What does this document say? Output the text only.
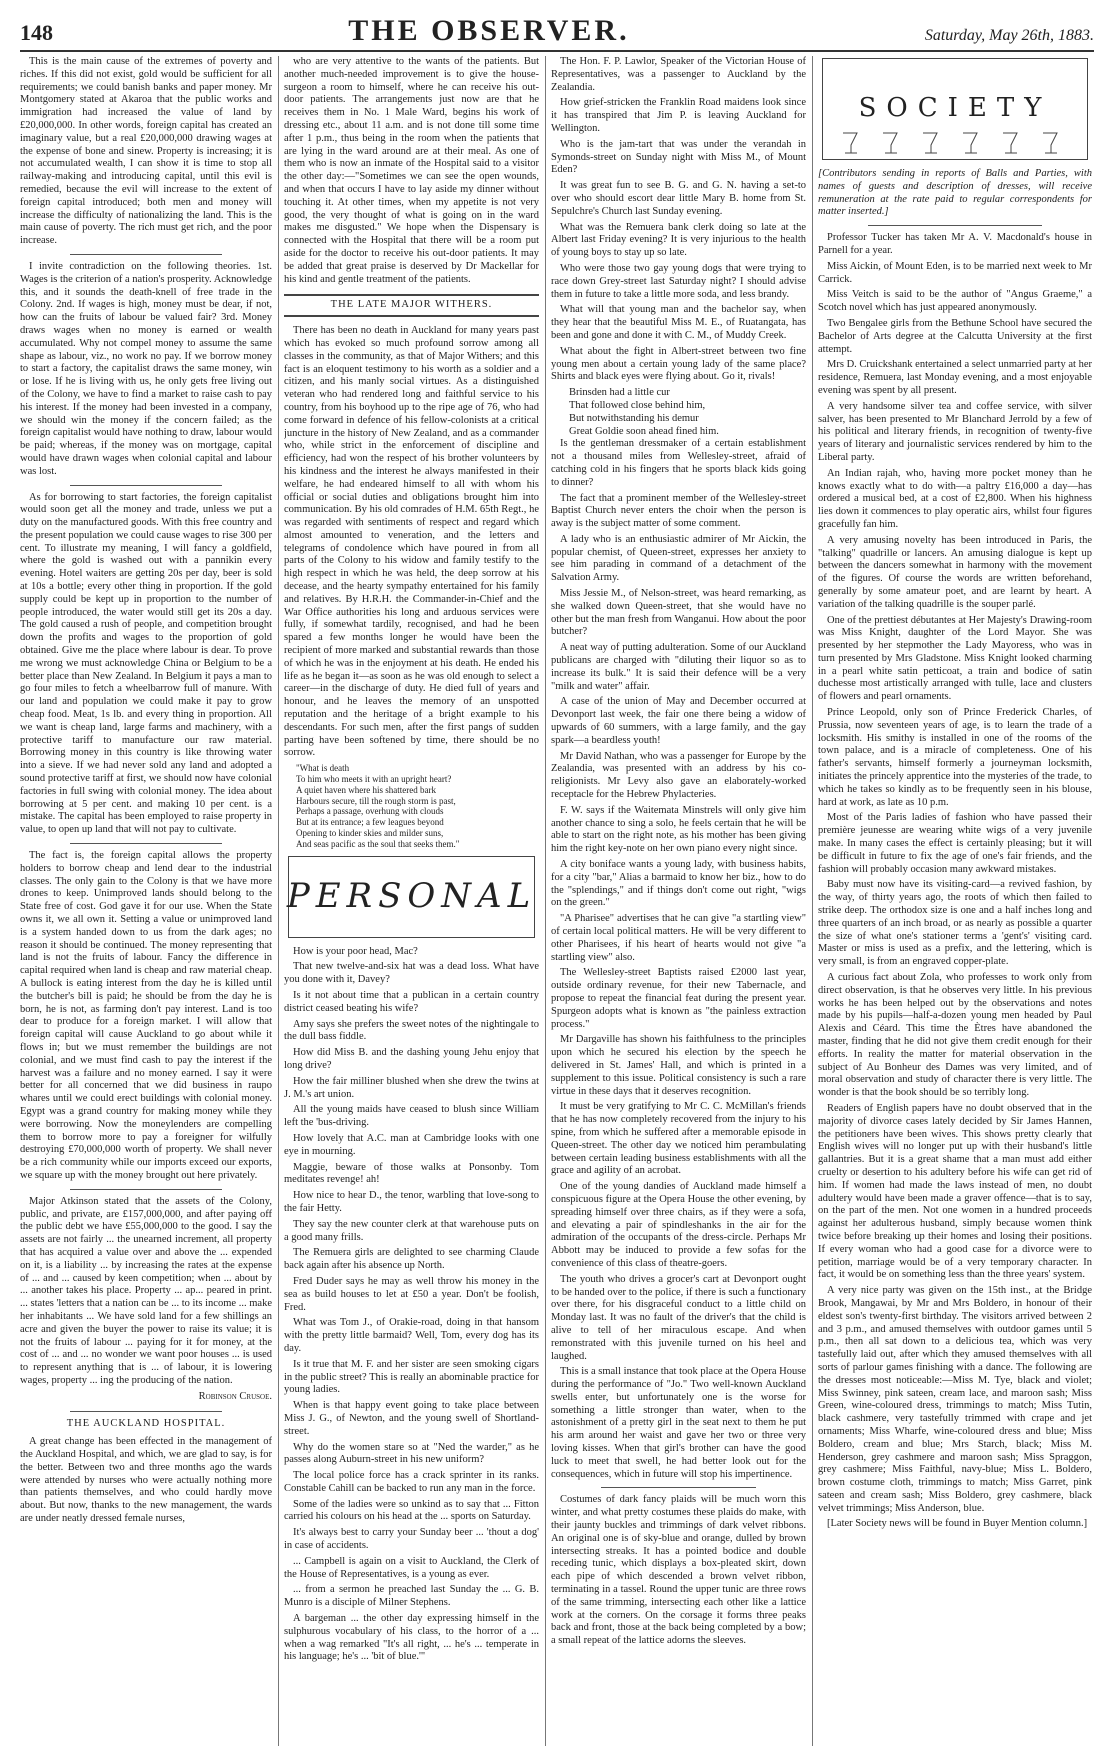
148	THE OBSERVER.	Saturday, May 26th, 1883.

This is the main cause of the extremes of poverty and riches. If this did not exist, gold would be sufficient for all requirements; we could banish banks and paper money. Mr Montgomery stated at Akaroa that the public works and immigration had increased the value of land by £20,000,000. In other words, foreign capital has created an imaginary value, but a real £20,000,000 drawing wages at the expense of bone and sinew. Property is increasing; it is not accumulated wealth, I can show it is time to stop all railway-making and introducing capital, until this evil is remedied, because the evil will increase to the extent of foreign capital introduced; both men and money will increase the difficulty of nationalizing the land. This is the main cause of poverty. The rich must get rich, and the poor increase.

I invite contradiction on the following theories. 1st. Wages is the criterion of a nation's prosperity. Acknowledge this, and it sounds the death-knell of free trade in the Colony. 2nd. If wages is high, money must be dear, if not, how can the fruits of labour be valued fair? 3rd. Money draws wages when no money is earned or wealth accumulated. Why not compel money to assume the same shape as labour, viz., no work no pay. If we borrow money to start a factory, the capitalist draws the same money, win or lose. If he is living with us, he only gets free living out of the Colony, we have to find a market to raise cash to pay his interest. If the money had been invested in a company, we should win the money if the concern failed; as the foreign capitalist would have nothing to draw, labour would be paid; whereas, if the money was on mortgage, capital would have drawn wages when colonial capital and labour was lost.

As for borrowing to start factories, the foreign capitalist would soon get all the money and trade, unless we put a duty on the manufactured goods. With this free country and the present population we could cause wages to rise 300 per cent. To illustrate my meaning, I will fancy a goldfield, where the gold is washed out with a pannikin every evening. Hotel waiters are getting 20s per day, beer is sold at 10s a bottle; every other thing in proportion. If the gold supply could be kept up in proportion to the number of people introduced, the water would still get its 20s a day. The gold caused a rush of people, and competition brought down the profits and wages to the proportion of gold obtained. Give me the place where labour is dear. To prove me wrong we must acknowledge China or Belgium to be a better place than New Zealand. In Belgium it pays a man to go four miles to fetch a wheelbarrow full of manure. With our land and population we could make it pay to grow cheap food. Meat, 1s lb. and every thing in proportion. All we want is cheap land, large farms and machinery, with a protective tariff to manufacture our raw material. Borrowing money in this country is like throwing water into a sieve. If we had never sold any land and adopted a sound protective tariff at first, we should now have colonial factories in full swing with colonial money. The idea about borrowing at 5 per cent. and making 10 per cent. is a mistake. The capital has been employed to raise property in value, to open up land that will not pay to cultivate.

The fact is, the foreign capital allows the property holders to borrow cheap and lend dear to the industrial classes. The only gain to the Colony is that we have more drones to keep. Unimproved lands should belong to the State free of cost. God gave it for our use. When the State owns it, we all own it. Setting a value or unimproved land is a system handed down to us from the dark ages; no reason it should be continued. The money representing that land is not the fruits of labour. Fancy the difference in capital required when land is cheap and raw material cheap. A bullock is eating interest from the day he is killed until the butcher's bill is paid; he should be from the day he is born, he is not, as farming don't pay interest. Land is too dear to produce for a foreign market. I will allow that foreign capital will cause Auckland to go about while it flows in; but we must remember the buildings are not colonial, and we must find cash to pay the interest if the harvest was a failure and no money earned. I say it were better for all concerned that we did business in raupo whares until we could erect buildings with colonial money. Egypt was a grand country for making money while they were borrowing. Now the moneylenders are compelling them to borrow more to pay a foreigner for wilfully destroying £70,000,000 worth of property. We shall never be a rich community while our imports exceed our exports, we square up with the money brought out here privately.

Major Atkinson stated that the assets of the Colony, public, and private, are £157,000,000, and after paying off the public debt we have £55,000,000 to the good. I say the assets are not fairly ... the unearned increment, all property that has acquired a value over and above the ... expended on it, is a liability ... by increasing the rates at the expense of ... and ... caused by keen competition; when ... about by ... another takes his place. Property ... ap... peared in print. ... states 'letters that a nation can be ... to its income ... make her inhabitants ... We have sold land for a few shillings an acre and given the buyer the power to raise its value; it is not the fruits of labour ... paying for it for money, at the cost of ... and ... no wonder we want poor houses ... is used to represent anything that is ... of labour, it is lowering wages, property ... ing the producing of the nation.

Robinson Crusoe.
THE AUCKLAND HOSPITAL.

A great change has been effected in the management of the Auckland Hospital, and which, we are glad to say, is for the better. Between two and three months ago the wards were attended by nurses who were actually nothing more than patients themselves, and who could hardly move about. But now, thanks to the new management, the wards are under neatly dressed female nurses,

who are very attentive to the wants of the patients. But another much-needed improvement is to give the house-surgeon a room to himself, where he can receive his out-door patients. The arrangements just now are that he receives them in No. 1 Male Ward, begins his work of dressing etc., about 11 a.m. and is not done till some time after 1 p.m., thus being in the room when the patients that are lying in the ward around are at their meal. As one of them who is now an inmate of the Hospital said to a visitor the other day:—"Sometimes we can see the open wounds, and when that occurs I have to lay aside my dinner without touching it. At other times, when my appetite is not very good, the very thought of what is going on in the ward makes me disgusted." We hope when the Dispensary is connected with the Hospital that there will be a room put aside for the doctor to receive his out-door patients. It may be added that great praise is deserved by Dr Mackellar for his kind and gentle treatment of the patients.

THE LATE MAJOR WITHERS.

There has been no death in Auckland for many years past which has evoked so much profound sorrow among all classes in the community, as that of Major Withers; and this fact is an eloquent testimony to his worth as a soldier and a citizen, and his manly social virtues. As a distinguished veteran who had rendered long and faithful service to his country, from his boyhood up to the ripe age of 76, who had come forward in defence of his fellow-colonists at a critical juncture in the history of New Zealand, and as a commander who, while strict in the enforcement of discipline and efficiency, had won the respect of his brother volunteers by his kindness and the interest he always manifested in their welfare, he had endeared himself to all with whom his official or social duties and obligations brought him into communication. By his old comrades of H.M. 65th Regt., he was regarded with sentiments of respect and regard which almost amounted to veneration, and the letters and telegrams of condolence which have poured in from all parts of the Colony to his widow and family testify to the high respect in which he was held, the deep sorrow at his decease, and the hearty sympathy entertained for his family and relatives. By H.R.H. the Commander-in-Chief and the War Office authorities his long and arduous services were fully, if somewhat tardily, recognised, and had he been spared a few months longer he would have been the recipient of more marked and substantial rewards than those of which he was in the enjoyment at his death. He ended his life as he began it—as soon as he was old enough to select a career—in the discharge of duty. He died full of years and honour, and he leaves the memory of an unspotted reputation and the heritage of a bright example to his descendants. For such men, after the first pangs of sudden parting have been softened by time, there should be no sorrow.

"What is death
To him who meets it with an upright heart?
A quiet haven where his shattered bark
Harbours secure, till the rough storm is past,
Perhaps a passage, overhung with clouds
But at its entrance; a few leagues beyond
Opening to kinder skies and milder suns,
And seas pacific as the soul that seeks them."
PERSONAL

How is your poor head, Mac?

That new twelve-and-six hat was a dead loss. What have you done with it, Davey?

Is it not about time that a publican in a certain country district ceased beating his wife?

Amy says she prefers the sweet notes of the nightingale to the dull bass fiddle.

How did Miss B. and the dashing young Jehu enjoy that long drive?

How the fair milliner blushed when she drew the twins at J. M.'s art union.

All the young maids have ceased to blush since William left the 'bus-driving.

How lovely that A.C. man at Cambridge looks with one eye in mourning.

Maggie, beware of those walks at Ponsonby. Tom meditates revenge! ah!

How nice to hear D., the tenor, warbling that love-song to the fair Hetty.

They say the new counter clerk at that warehouse puts on a good many frills.

The Remuera girls are delighted to see charming Claude back again after his absence up North.

Fred Duder says he may as well throw his money in the sea as build houses to let at £50 a year. Don't be foolish, Fred.

What was Tom J., of Orakie-road, doing in that hansom with the pretty little barmaid? Well, Tom, every dog has its day.

Is it true that M. F. and her sister are seen smoking cigars in the public street? This is really an abominable practice for young ladies.

When is that happy event going to take place between Miss J. G., of Newton, and the young swell of Shortland-street.

Why do the women stare so at "Ned the warder," as he passes along Auburn-street in his new uniform?

The local police force has a crack sprinter in its ranks. Constable Cahill can be backed to run any man in the force.

Some of the ladies were so unkind as to say that ... Fitton carried his colours on his head at the ... sports on Saturday.

It's always best to carry your Sunday beer ... 'thout a dog' in case of accidents.

... Campbell is again on a visit to Auckland, the Clerk of the House of Representatives, is a young as ever.

... from a sermon he preached last Sunday the ... G. B. Munro is a disciple of Milner Stephens.

A bargeman ... the other day expressing himself in the sulphurous vocabulary of his class, to the horror of a ... when a wag remarked "It's all right, ... he's ... temperate in his language; he's ... 'bit of blue.'"

The Hon. F. P. Lawlor, Speaker of the Victorian House of Representatives, was a passenger to Auckland by the Zealandia.

How grief-stricken the Franklin Road maidens look since it has transpired that Jim P. is leaving Auckland for Wellington.

Who is the jam-tart that was under the verandah in Symonds-street on Sunday night with Miss M., of Mount Eden?

It was great fun to see B. G. and G. N. having a set-to over who should escort dear little Mary B. home from St. Sepulchre's Church last Sunday evening.

What was the Remuera bank clerk doing so late at the Albert last Friday evening? It is very injurious to the health of young boys to stay up so late.

Who were those two gay young dogs that were trying to race down Grey-street last Saturday night? I should advise them in future to take a little more soda, and less brandy.

What will that young man and the bachelor say, when they hear that the beautiful Miss M. E., of Ruatangata, has been and gone and done it with C. M., of Muddy Creek.

What about the fight in Albert-street between two fine young men about a certain young lady of the same place? Shirts and black eyes were flying about. Go it, rivals!

Brinsden had a little cur
That followed close behind him,
But notwithstanding his demur
Great Goldie soon ahead fined him.

Is the gentleman dressmaker of a certain establishment not a thousand miles from Wellesley-street, afraid of catching cold in his fingers that he sports black kids going to dinner?

The fact that a prominent member of the Wellesley-street Baptist Church never enters the choir when the person is away is the subject matter of some comment.

A lady who is an enthusiastic admirer of Mr Aickin, the popular chemist, of Queen-street, expresses her anxiety to see him parading in command of a detachment of the Salvation Army.

Miss Jessie M., of Nelson-street, was heard remarking, as she walked down Queen-street, that she would have no other but the man fresh from Wanganui. How about the poor butcher?

A neat way of putting adulteration. Some of our Auckland publicans are charged with "diluting their liquor so as to increase its bulk." It is said their defence will be a very "milk and water" affair.

A case of the union of May and December occurred at Devonport last week, the fair one there being a widow of upwards of 60 summers, with a large family, and the gay spark—a beardless youth!

Mr David Nathan, who was a passenger for Europe by the Zealandia, was presented with an address by his co-religionists. Mr Levy also gave an elaborately-worked receptacle for the Hebrew Phylacteries.

F. W. says if the Waitemata Minstrels will only give him another chance to sing a solo, he feels certain that he will be able to start on the right note, as his mother has been giving him the right key-note on her own piano every night since.

A city boniface wants a young lady, with business habits, for a city "bar," Alias a barmaid to know her biz., how to do the "splendings," and if things don't come out right, "wigs on the green."

"A Pharisee" advertises that he can give "a startling view" of certain local political matters. He will be very different to other Pharisees, if his heart of hearts would not give "a startling view" also.

The Wellesley-street Baptists raised £2000 last year, outside ordinary revenue, for their new Tabernacle, and propose to repeat the financial feat during the present year. Spurgeon adopts what is known as "the painless extraction process."

Mr Dargaville has shown his faithfulness to the principles upon which he secured his election by the speech he delivered in St. James' Hall, and which is printed in a supplement to this issue. Political consistency is such a rare virtue in these days that it deserves recognition.

It must be very gratifying to Mr C. C. McMillan's friends that he has now completely recovered from the injury to his spine, from which he suffered after a memorable episode in Queen-street. The other day we noticed him perambulating between certain leading business establishments with all the grace and agility of an acrobat.

One of the young dandies of Auckland made himself a conspicuous figure at the Opera House the other evening, by spreading himself over three chairs, as if they were a sofa, and elevating a pair of spindleshanks in the air for the admiration of the occupants of the dress-circle. Perhaps Mr Abbott may be induced to provide a few sofas for the convenience of this class of theatre-goers.

The youth who drives a grocer's cart at Devonport ought to be handed over to the police, if there is such a functionary over there, for his disgraceful conduct to a little child on Monday last. It was no fault of the driver's that the child is alive to tell of her miraculous escape. And when remonstrated with this juvenile turned on his heel and laughed.

This is a small instance that took place at the Opera House during the performance of "Jo." Two well-known Auckland swells enter, but unfortunately one is the worse for something a little stronger than water, when to the astonishment of a pretty girl in the seat next to them he put his arm around her waist and gave her two or three very loving kisses. When that girl's brother can have the good luck to meet that swell, he had better look out for the consequences, which in future will stop his impertinence.

Costumes of dark fancy plaids will be much worn this winter, and what pretty costumes these plaids do make, with their jaunty buckles and trimmings of dark velvet ribbons. An original one is of sky-blue and orange, dulled by brown intersecting streaks. It has a pointed bodice and double receding tunic, which displays a box-pleated skirt, down each pipe of which descended a brown velvet ribbon, terminating in a tassel. Round the upper tunic are three rows of the same trimming, intersecting each other like a lattice work at the corners. On the corsage it forms three peaks back and front, those at the back being completed by a bow; a small repeat of the lattice adorns the sleeves.

SOCIETY

[Contributors sending in reports of Balls and Parties, with names of guests and description of dresses, will receive remuneration at the rate paid to regular correspondents for matter inserted.]

Professor Tucker has taken Mr A. V. Macdonald's house in Parnell for a year.

Miss Aickin, of Mount Eden, is to be married next week to Mr Carrick.

Miss Veitch is said to be the author of "Angus Graeme," a Scotch novel which has just appeared anonymously.

Two Bengalee girls from the Bethune School have secured the Bachelor of Arts degree at the Calcutta University at the first attempt.

Mrs D. Cruickshank entertained a select unmarried party at her residence, Remuera, last Monday evening, and a most enjoyable evening was spent by all present.

A very handsome silver tea and coffee service, with silver salver, has been presented to Mr Blanchard Jerrold by a few of his political and literary friends, in recognition of twenty-five years of literary and journalistic services rendered by him to the Liberal party.

An Indian rajah, who, having more pocket money than he knows exactly what to do with—a paltry £16,000 a day—has ordered a musical bed, at a cost of £2,800. When his highness lies down it commences to play operatic airs, whilst four figures gracefully fan him.

A very amusing novelty has been introduced in Paris, the "talking" quadrille or lancers. An amusing dialogue is kept up between the dancers somewhat in harmony with the movement of the figures. Of course the words are written beforehand, generally by some amateur poet, and are learnt by heart. A variation of the talking quadrille is the souper parlé.

One of the prettiest débutantes at Her Majesty's Drawing-room was Miss Knight, daughter of the Lord Mayor. She was presented by her stepmother the Lady Mayoress, who was in turn presented by Mrs Gladstone. Miss Knight looked charming in a pearl white satin petticoat, a train and bodice of satin duchesse most artistically arranged with tulle, lace and clusters of flowers and pearl ornaments.

Prince Leopold, only son of Prince Frederick Charles, of Prussia, now seventeen years of age, is to learn the trade of a locksmith. His smithy is installed in one of the rooms of the town palace, and is a miracle of completeness. One of his father's servants, himself formerly a journeyman locksmith, initiates the princely apprentice into the mysteries of the trade, to which he takes so kindly as to be frequently seen in his blouse, hard at work, as late as 10 p.m.

Most of the Paris ladies of fashion who have passed their première jeunesse are wearing white wigs of a very juvenile make. In many cases the effect is certainly pleasing; but it will be difficult in future to fix the age of one's fair friends, and the fashion will probably occasion many awkward mistakes.

Baby must now have its visiting-card—a revived fashion, by the way, of thirty years ago, the roots of which then failed to strike deep. The orthodox size is one and a half inches long and three quarters of an inch broad, or as nearly as possible a quarter the size of what one's stationer terms a 'gent's' visiting card. Master or miss is used as a prefix, and the lettering, which is very small, is from an engraved copper-plate.

A curious fact about Zola, who professes to work only from direct observation, is that he observes very little. In his previous works he has been helped out by the observations and notes made by his pupils—half-a-dozen young men headed by Paul Alexis and Céard. This time the Ètres have abandoned the master, finding that he did not give them credit enough for their efforts. In reality the matter for material observation in the subject of Au Bonheur des Dames was very limited, and of moral observation and study of character there is very little. The wonder is that the book should be so terribly long.

Readers of English papers have no doubt observed that in the majority of divorce cases lately decided by Sir James Hannen, the petitioners have been wives. This shows pretty clearly that English wives will no longer put up with their husband's little gallantries. But it is a great shame that a man must add either cruelty or desertion to his adultery before his wife can get rid of him. If women had made the laws instead of men, no doubt adultery would have been made a graver offence—that is to say, on the part of the men. Not one women in a hundred proceeds against her adulterous husband, simply because women think twice before breaking up their homes and losing their positions. If every woman who had a good case for a divorce were to petition, marriage would be of a very temporary character. In fact, it would be on something less than the three years' system.

A very nice party was given on the 15th inst., at the Bridge Brook, Mangawai, by Mr and Mrs Boldero, in honour of their eldest son's twenty-first birthday. The visitors arrived between 2 and 3 p.m., and amused themselves with outdoor games until 5 p.m., then all sat down to a delicious tea, which was very tastefully laid out, after which they amused themselves with all sorts of parlour games finishing with a dance. The following are the dresses most noticeable:—Miss M. Tye, black and violet; Miss Swinney, pink sateen, cream lace, and maroon sash; Miss Green, wine-coloured dress, trimmings to match; Miss Tutin, black cashmere, very tastefully trimmed with crape and jet ornaments; Miss Wharfe, wine-coloured dress and blue; Miss Boldero, cream and blue; Mrs Starch, black; Miss M. Henderson, grey cashmere and maroon sash; Miss Spraggon, grey cashmere; Miss Faithful, navy-blue; Miss L. Boldero, brown costume cloth, trimmings to match; Miss Garret, pink sateen and cream sash; Miss Boldero, grey cashmere, black velvet trimmings; Miss Anderson, blue.

[Later Society news will be found in Buyer Mention column.]
